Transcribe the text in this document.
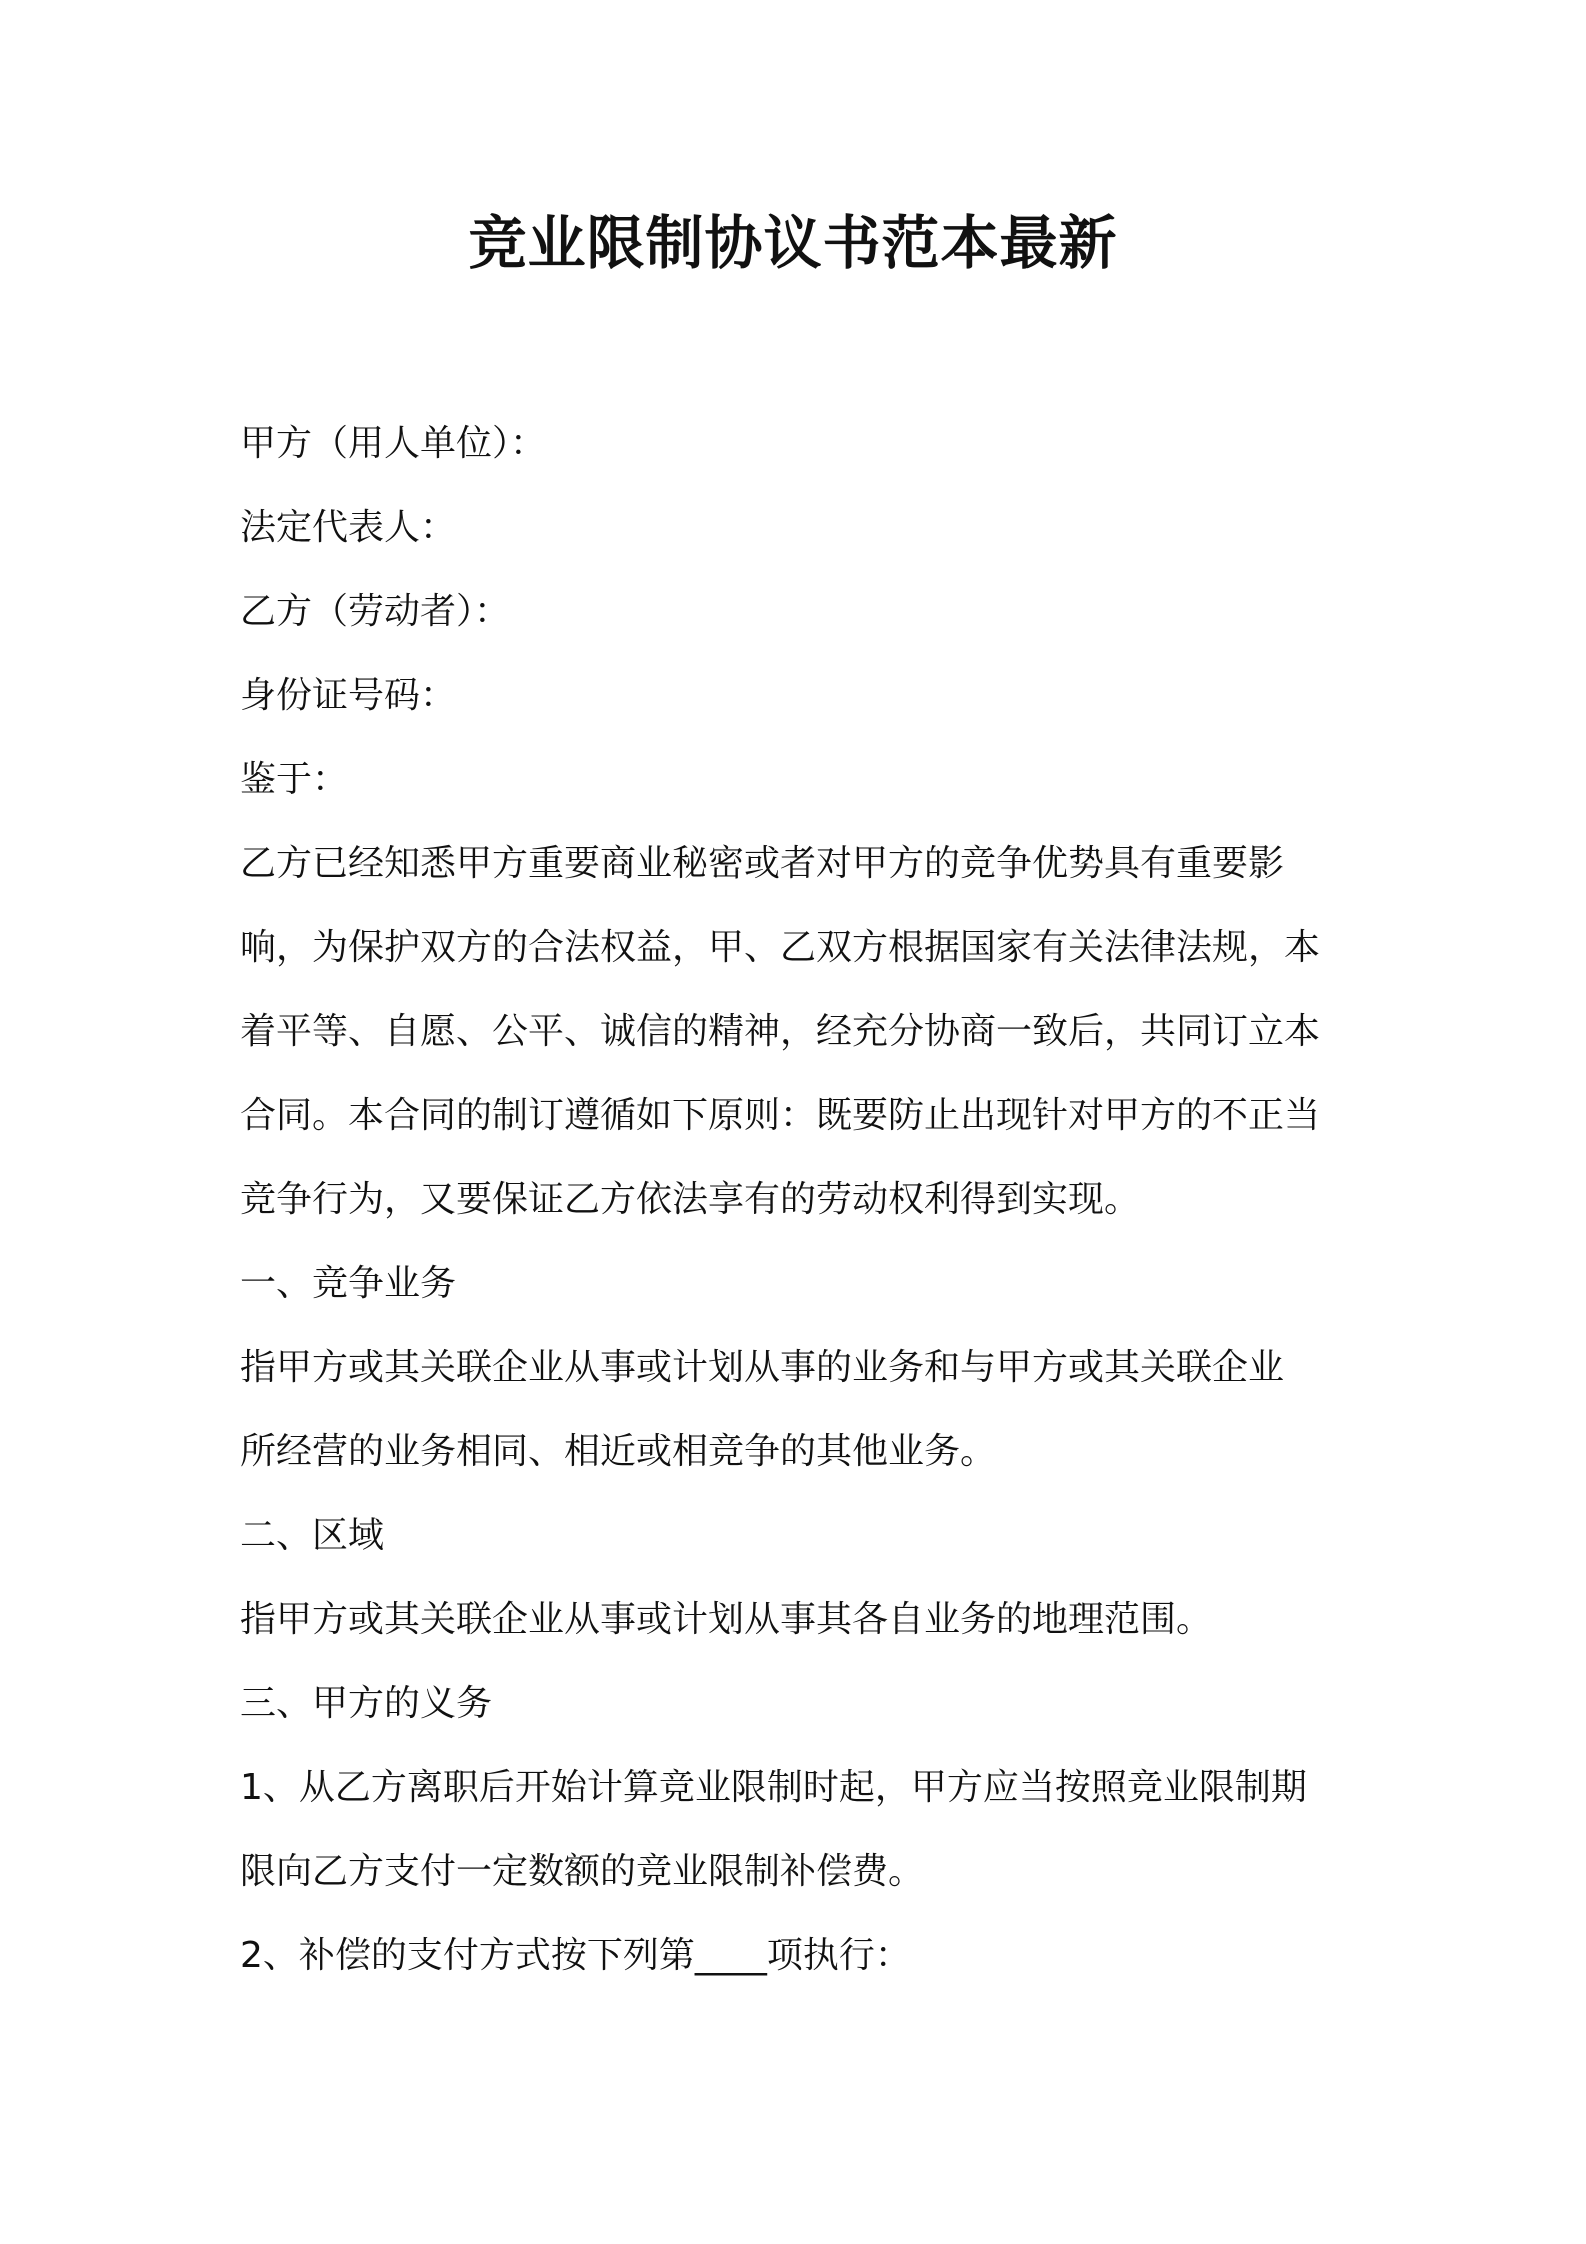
竞业限制协议书范本最新
甲方（用人单位）：
法定代表人：
乙方（劳动者）：
身份证号码：
鉴于：
乙方已经知悉甲方重要商业秘密或者对甲方的竞争优势具有重要影
响，为保护双方的合法权益，甲、乙双方根据国家有关法律法规，本
着平等、自愿、公平、诚信的精神，经充分协商一致后，共同订立本
合同。本合同的制订遵循如下原则：既要防止出现针对甲方的不正当
竞争行为，又要保证乙方依法享有的劳动权利得到实现。
一、竞争业务
指甲方或其关联企业从事或计划从事的业务和与甲方或其关联企业
所经营的业务相同、相近或相竞争的其他业务。
二、区域
指甲方或其关联企业从事或计划从事其各自业务的地理范围。
三、甲方的义务
1、从乙方离职后开始计算竞业限制时起，甲方应当按照竞业限制期
限向乙方支付一定数额的竞业限制补偿费。
2、补偿的支付方式按下列第____项执行：
